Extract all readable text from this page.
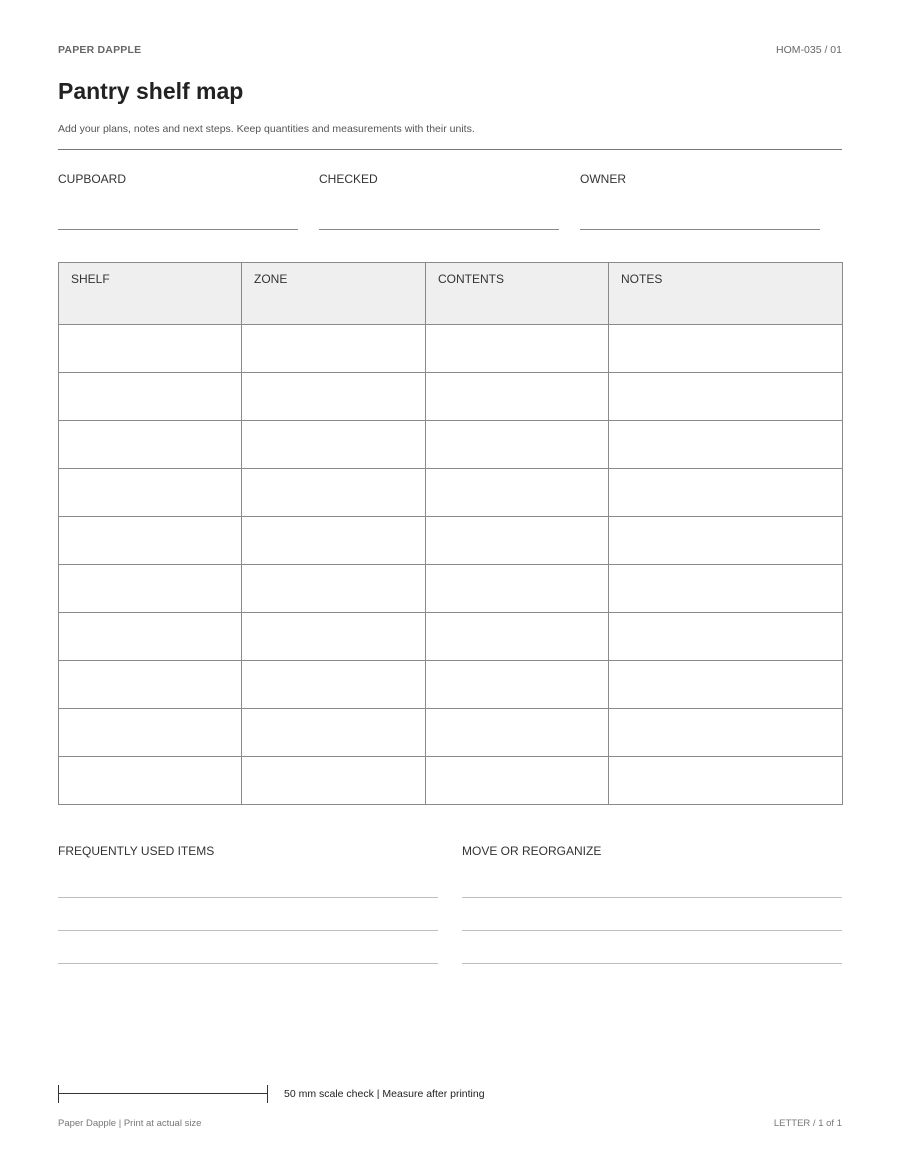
PAPER DAPPLE	HOM-035 / 01
Pantry shelf map
Add your plans, notes and next steps. Keep quantities and measurements with their units.
CUPBOARD	CHECKED	OWNER
SHELF	ZONE	CONTENTS	NOTES

FREQUENTLY USED ITEMS	MOVE OR REORGANIZE
50 mm scale check | Measure after printing
Paper Dapple | Print at actual size	LETTER / 1 of 1
